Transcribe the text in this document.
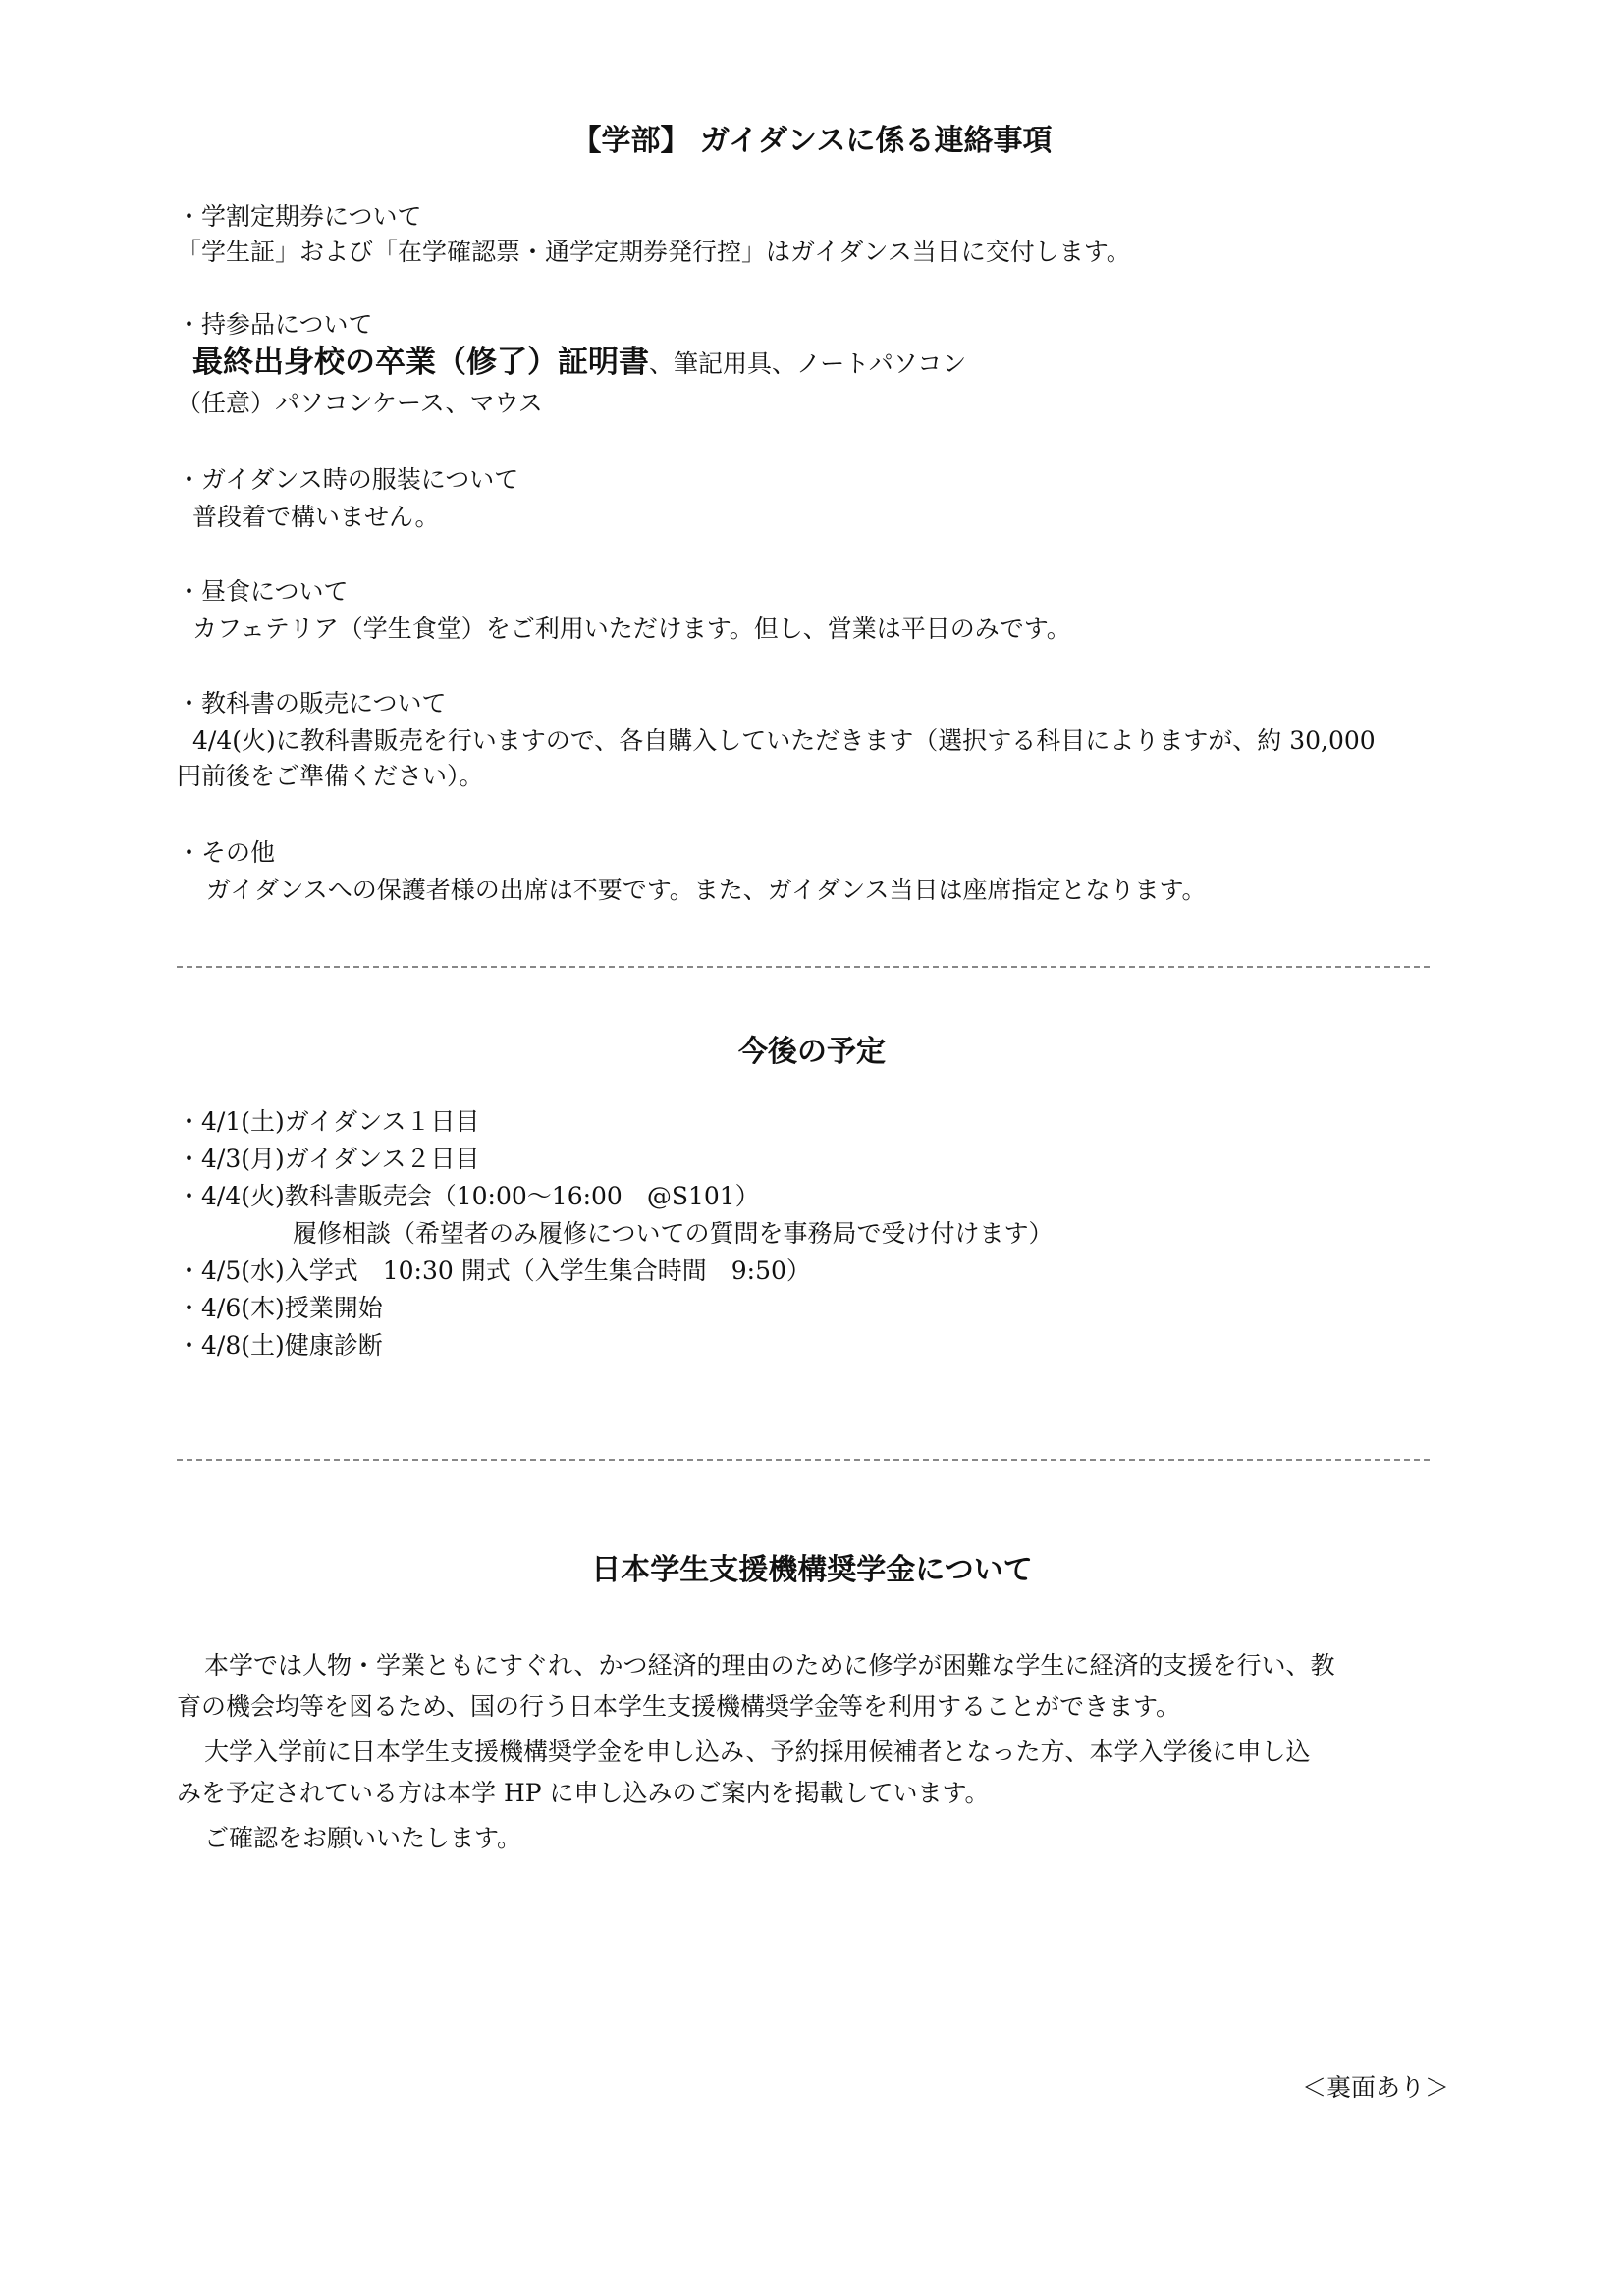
【学部】 ガイダンスに係る連絡事項
・学割定期券について
「学生証」および「在学確認票・通学定期券発行控」はガイダンス当日に交付します。
・持参品について
最終出身校の卒業（修了）証明書、筆記用具、ノートパソコン
（任意）パソコンケース、マウス
・ガイダンス時の服装について
普段着で構いません。
・昼食について
カフェテリア（学生食堂）をご利用いただけます。但し、営業は平日のみです。
・教科書の販売について
4/4(火)に教科書販売を行いますので、各自購入していただきます（選択する科目によりますが、約 30,000
円前後をご準備ください）。
・その他
ガイダンスへの保護者様の出席は不要です。また、ガイダンス当日は座席指定となります。
今後の予定
・4/1(土)ガイダンス１日目
・4/3(月)ガイダンス２日目
・4/4(火)教科書販売会（10:00～16:00　@S101）
履修相談（希望者のみ履修についての質問を事務局で受け付けます）
・4/5(水)入学式　10:30 開式（入学生集合時間　9:50）
・4/6(木)授業開始
・4/8(土)健康診断
日本学生支援機構奨学金について
本学では人物・学業ともにすぐれ、かつ経済的理由のために修学が困難な学生に経済的支援を行い、教
育の機会均等を図るため、国の行う日本学生支援機構奨学金等を利用することができます。
大学入学前に日本学生支援機構奨学金を申し込み、予約採用候補者となった方、本学入学後に申し込
みを予定されている方は本学 HP に申し込みのご案内を掲載しています。
ご確認をお願いいたします。
＜裏面あり＞
